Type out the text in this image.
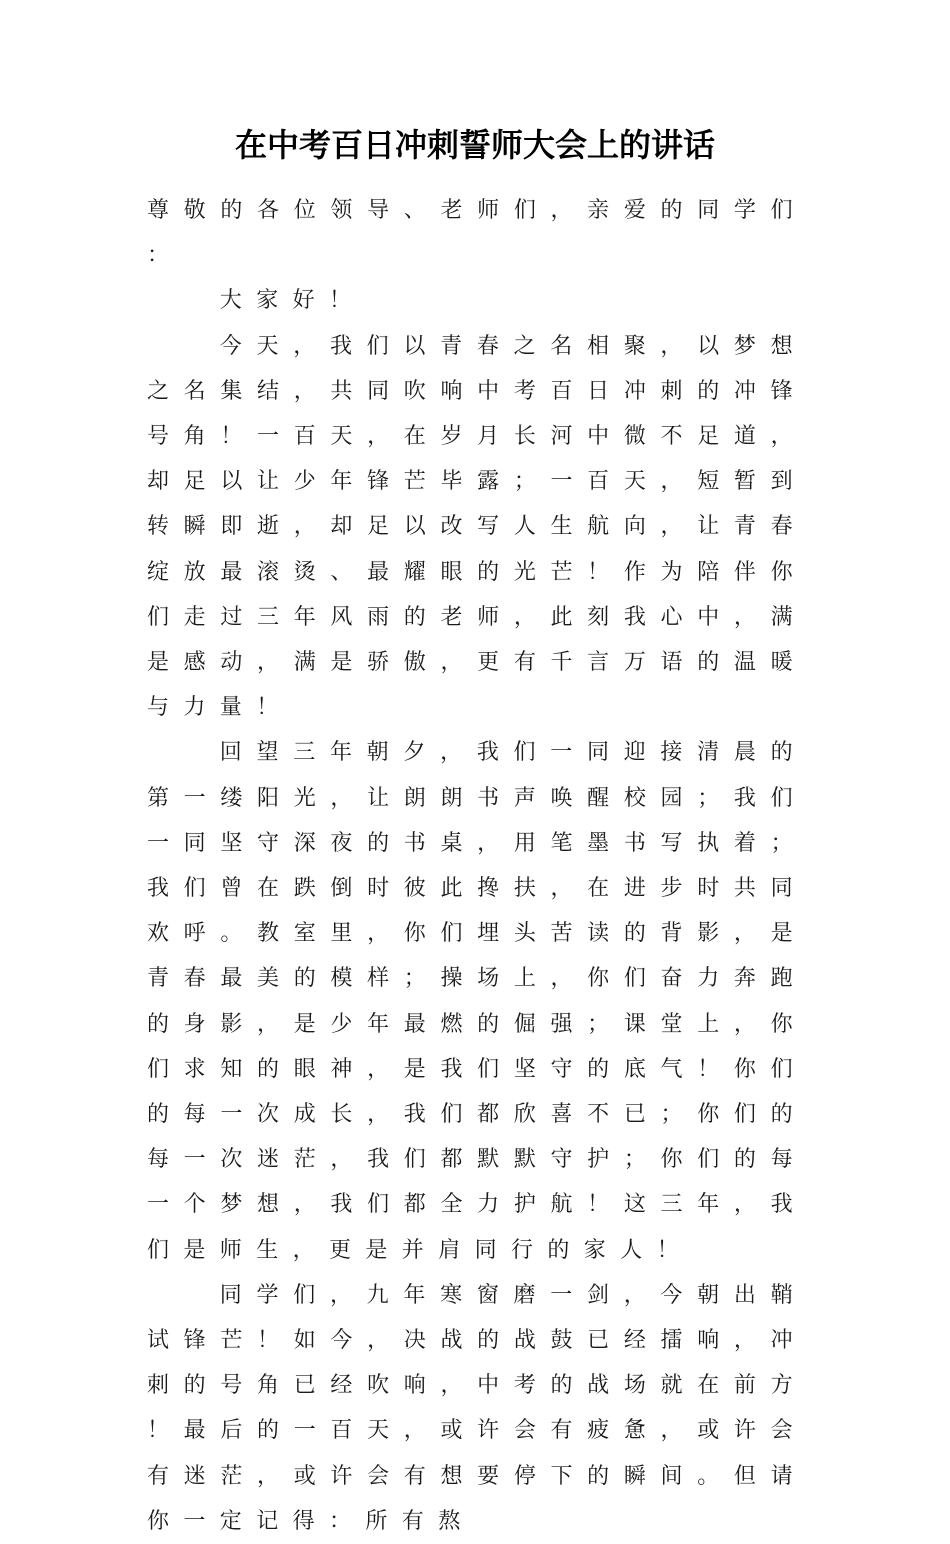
在中考百日冲刺誓师大会上的讲话

尊敬的各位领导、老师们，亲爱的同学们：

大家好！

今天，我们以青春之名相聚，以梦想之名集结，共同吹响中考百日冲刺的冲锋号角！一百天，在岁月长河中微不足道，却足以让少年锋芒毕露；一百天，短暂到转瞬即逝，却足以改写人生航向，让青春绽放最滚烫、最耀眼的光芒！作为陪伴你们走过三年风雨的老师，此刻我心中，满是感动，满是骄傲，更有千言万语的温暖与力量！

回望三年朝夕，我们一同迎接清晨的第一缕阳光，让朗朗书声唤醒校园；我们一同坚守深夜的书桌，用笔墨书写执着；我们曾在跌倒时彼此搀扶，在进步时共同欢呼。教室里，你们埋头苦读的背影，是青春最美的模样；操场上，你们奋力奔跑的身影，是少年最燃的倔强；课堂上，你们求知的眼神，是我们坚守的底气！你们的每一次成长，我们都欣喜不已；你们的每一次迷茫，我们都默默守护；你们的每一个梦想，我们都全力护航！这三年，我们是师生，更是并肩同行的家人！

同学们，九年寒窗磨一剑，今朝出鞘试锋芒！如今，决战的战鼓已经擂响，冲刺的号角已经吹响，中考的战场就在前方！最后的一百天，或许会有疲惫，或许会有迷茫，或许会有想要停下的瞬间。但请你一定记得：所有熬
